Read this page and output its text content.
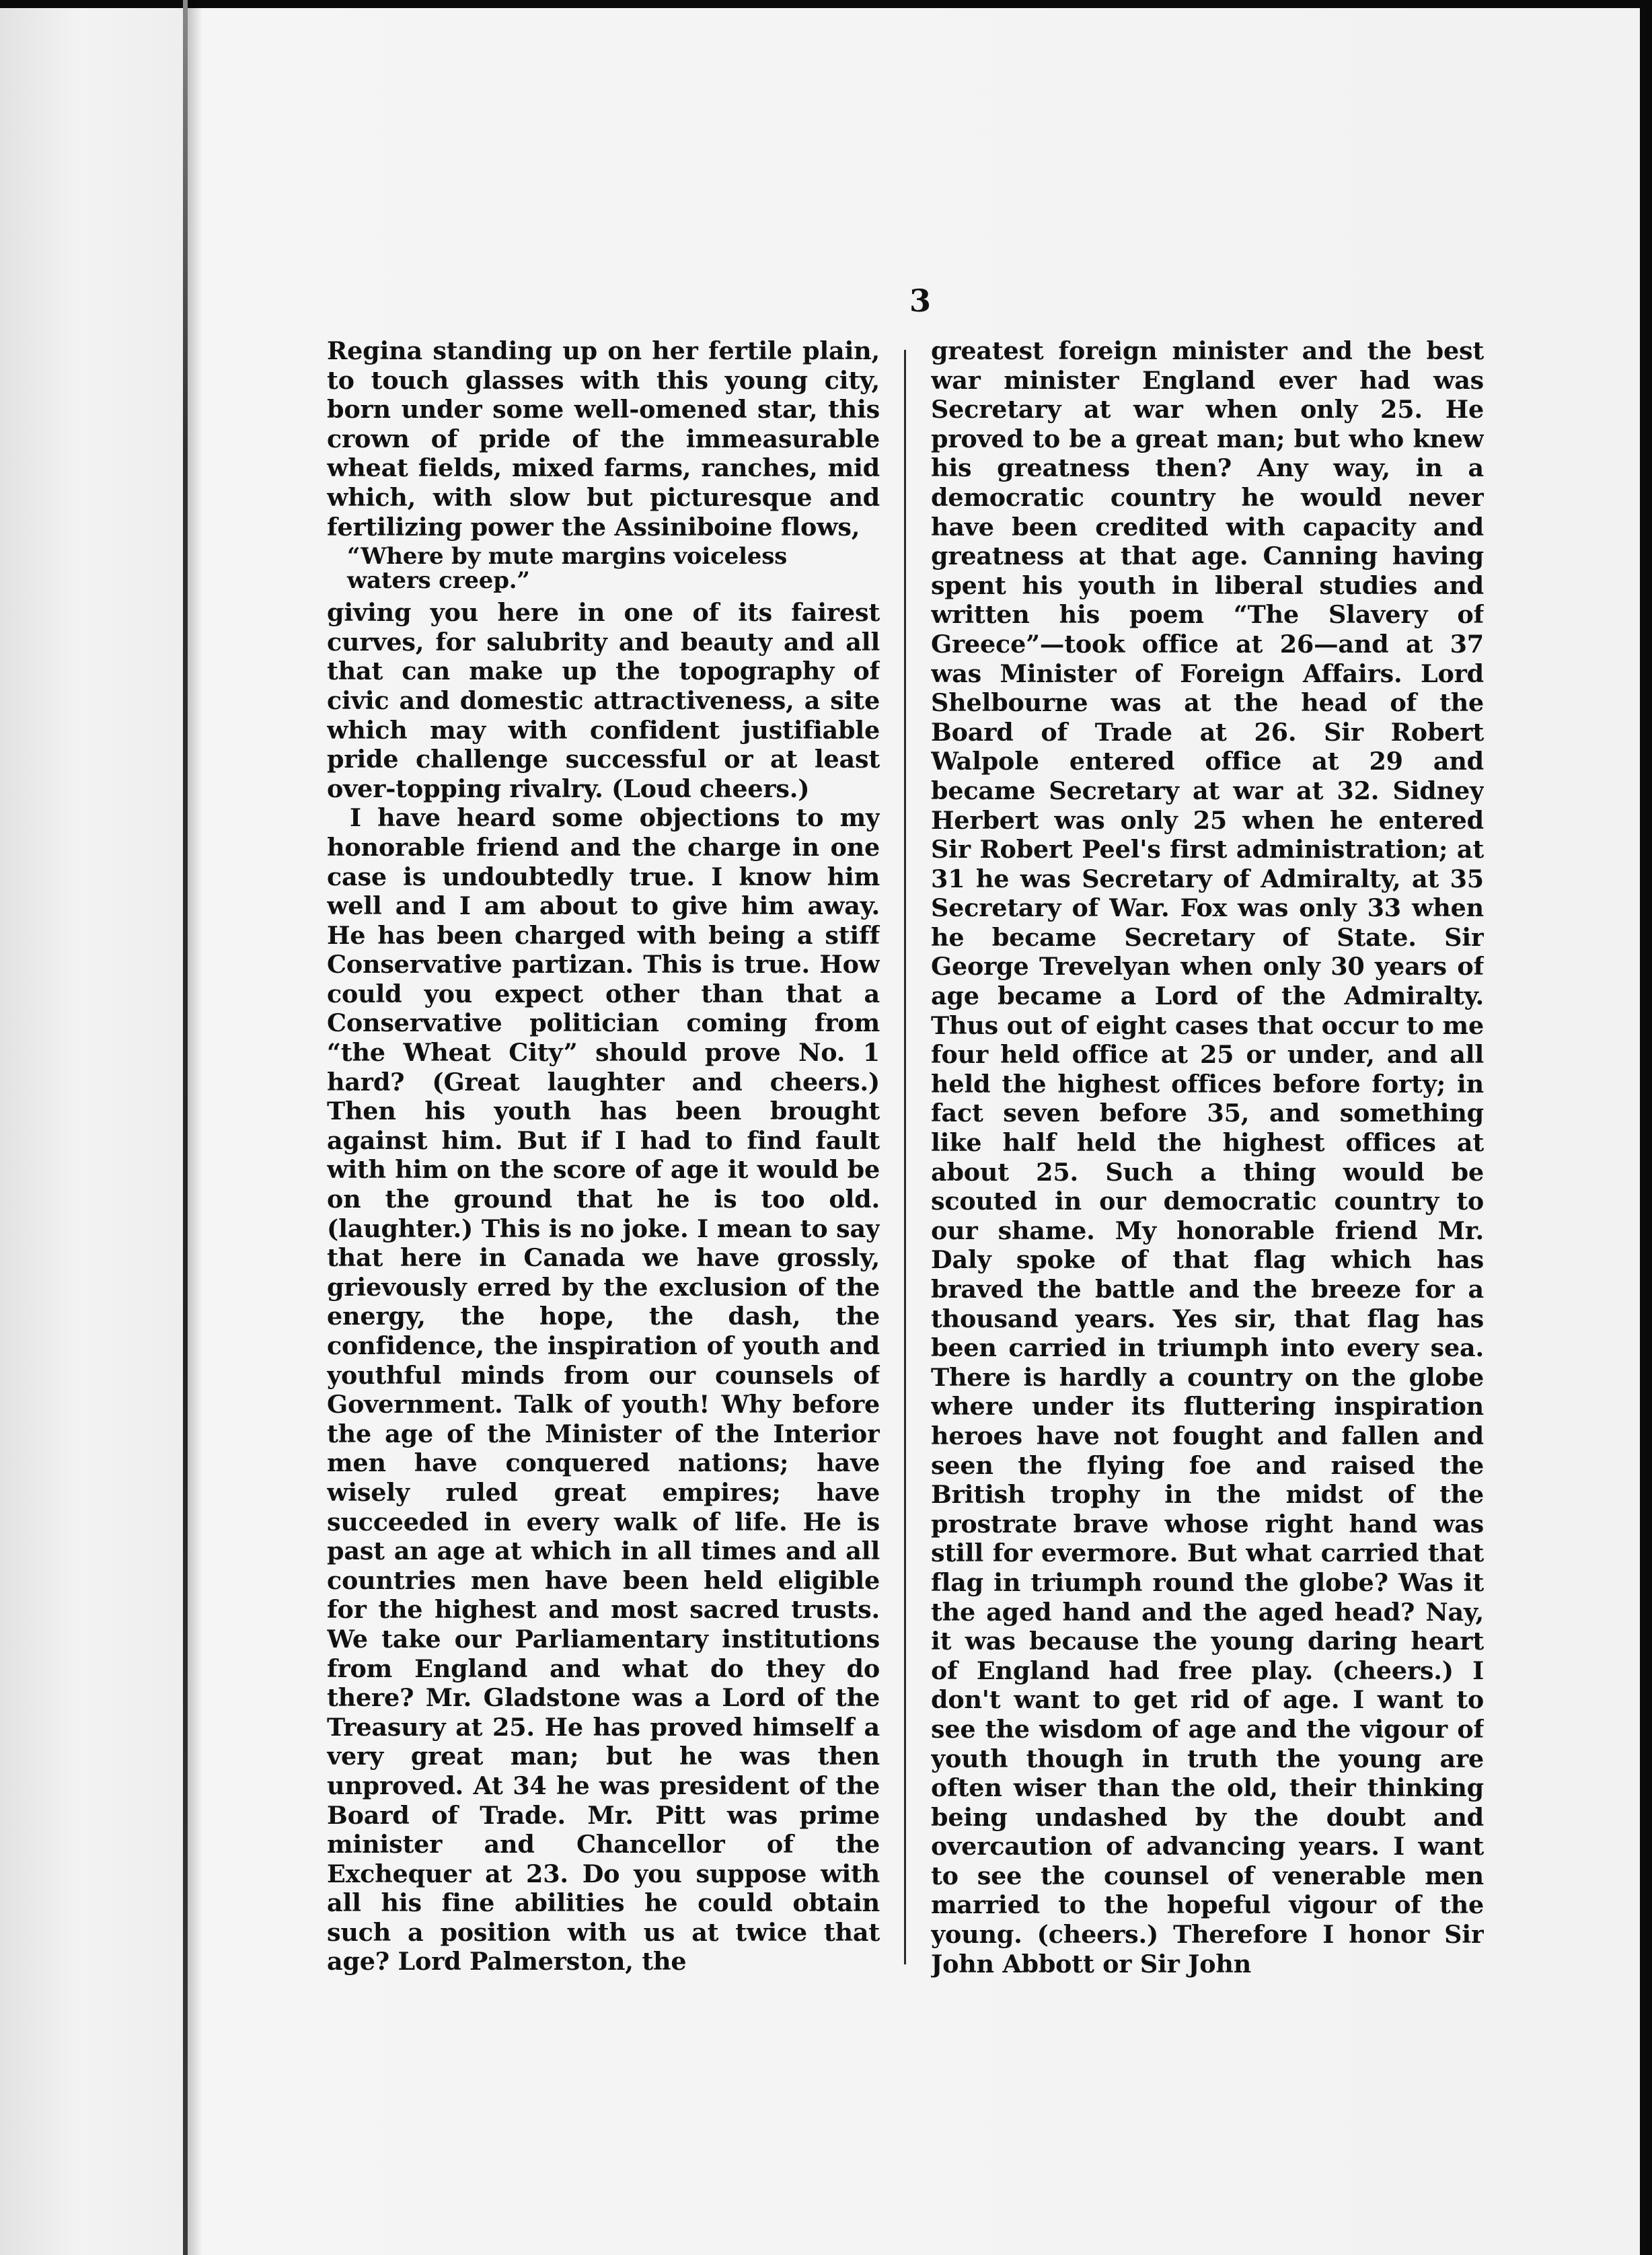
3

Regina standing up on her fertile plain, to touch glasses with this young city, born under some well-omened star, this crown of pride of the immeasurable wheat fields, mixed farms, ranches, mid which, with slow but picturesque and fertilizing power the Assiniboine flows,

“Where by mute margins voiceless waters creep.”

giving you here in one of its fairest curves, for salubrity and beauty and all that can make up the topography of civic and domestic attractiveness, a site which may with confident justifiable pride challenge successful or at least over-topping rivalry. (Loud cheers.)

I have heard some objections to my honorable friend and the charge in one case is undoubtedly true. I know him well and I am about to give him away. He has been charged with being a stiff Conservative partizan. This is true. How could you expect other than that a Conservative politician coming from “the Wheat City” should prove No. 1 hard? (Great laughter and cheers.) Then his youth has been brought against him. But if I had to find fault with him on the score of age it would be on the ground that he is too old. (laughter.) This is no joke. I mean to say that here in Canada we have grossly, grievously erred by the exclusion of the energy, the hope, the dash, the confidence, the inspiration of youth and youthful minds from our counsels of Government. Talk of youth! Why before the age of the Minister of the Interior men have conquered nations; have wisely ruled great empires; have succeeded in every walk of life. He is past an age at which in all times and all countries men have been held eligible for the highest and most sacred trusts. We take our Parliamentary institutions from England and what do they do there? Mr. Gladstone was a Lord of the Treasury at 25. He has proved himself a very great man; but he was then unproved. At 34 he was president of the Board of Trade. Mr. Pitt was prime minister and Chancellor of the Exchequer at 23. Do you suppose with all his fine abilities he could obtain such a position with us at twice that age? Lord Palmerston, the

greatest foreign minister and the best war minister England ever had was Secretary at war when only 25. He proved to be a great man; but who knew his greatness then? Any way, in a democratic country he would never have been credited with capacity and greatness at that age. Canning having spent his youth in liberal studies and written his poem “The Slavery of Greece”—took office at 26—and at 37 was Minister of Foreign Affairs. Lord Shelbourne was at the head of the Board of Trade at 26. Sir Robert Walpole entered office at 29 and became Secretary at war at 32. Sidney Herbert was only 25 when he entered Sir Robert Peel's first administration; at 31 he was Secretary of Admiralty, at 35 Secretary of War. Fox was only 33 when he became Secretary of State. Sir George Trevelyan when only 30 years of age became a Lord of the Admiralty. Thus out of eight cases that occur to me four held office at 25 or under, and all held the highest offices before forty; in fact seven before 35, and something like half held the highest offices at about 25. Such a thing would be scouted in our democratic country to our shame. My honorable friend Mr. Daly spoke of that flag which has braved the battle and the breeze for a thousand years. Yes sir, that flag has been carried in triumph into every sea. There is hardly a country on the globe where under its fluttering inspiration heroes have not fought and fallen and seen the flying foe and raised the British trophy in the midst of the prostrate brave whose right hand was still for evermore. But what carried that flag in triumph round the globe? Was it the aged hand and the aged head? Nay, it was because the young daring heart of England had free play. (cheers.) I don't want to get rid of age. I want to see the wisdom of age and the vigour of youth though in truth the young are often wiser than the old, their thinking being undashed by the doubt and overcaution of advancing years. I want to see the counsel of venerable men married to the hopeful vigour of the young. (cheers.) Therefore I honor Sir John Abbott or Sir John
